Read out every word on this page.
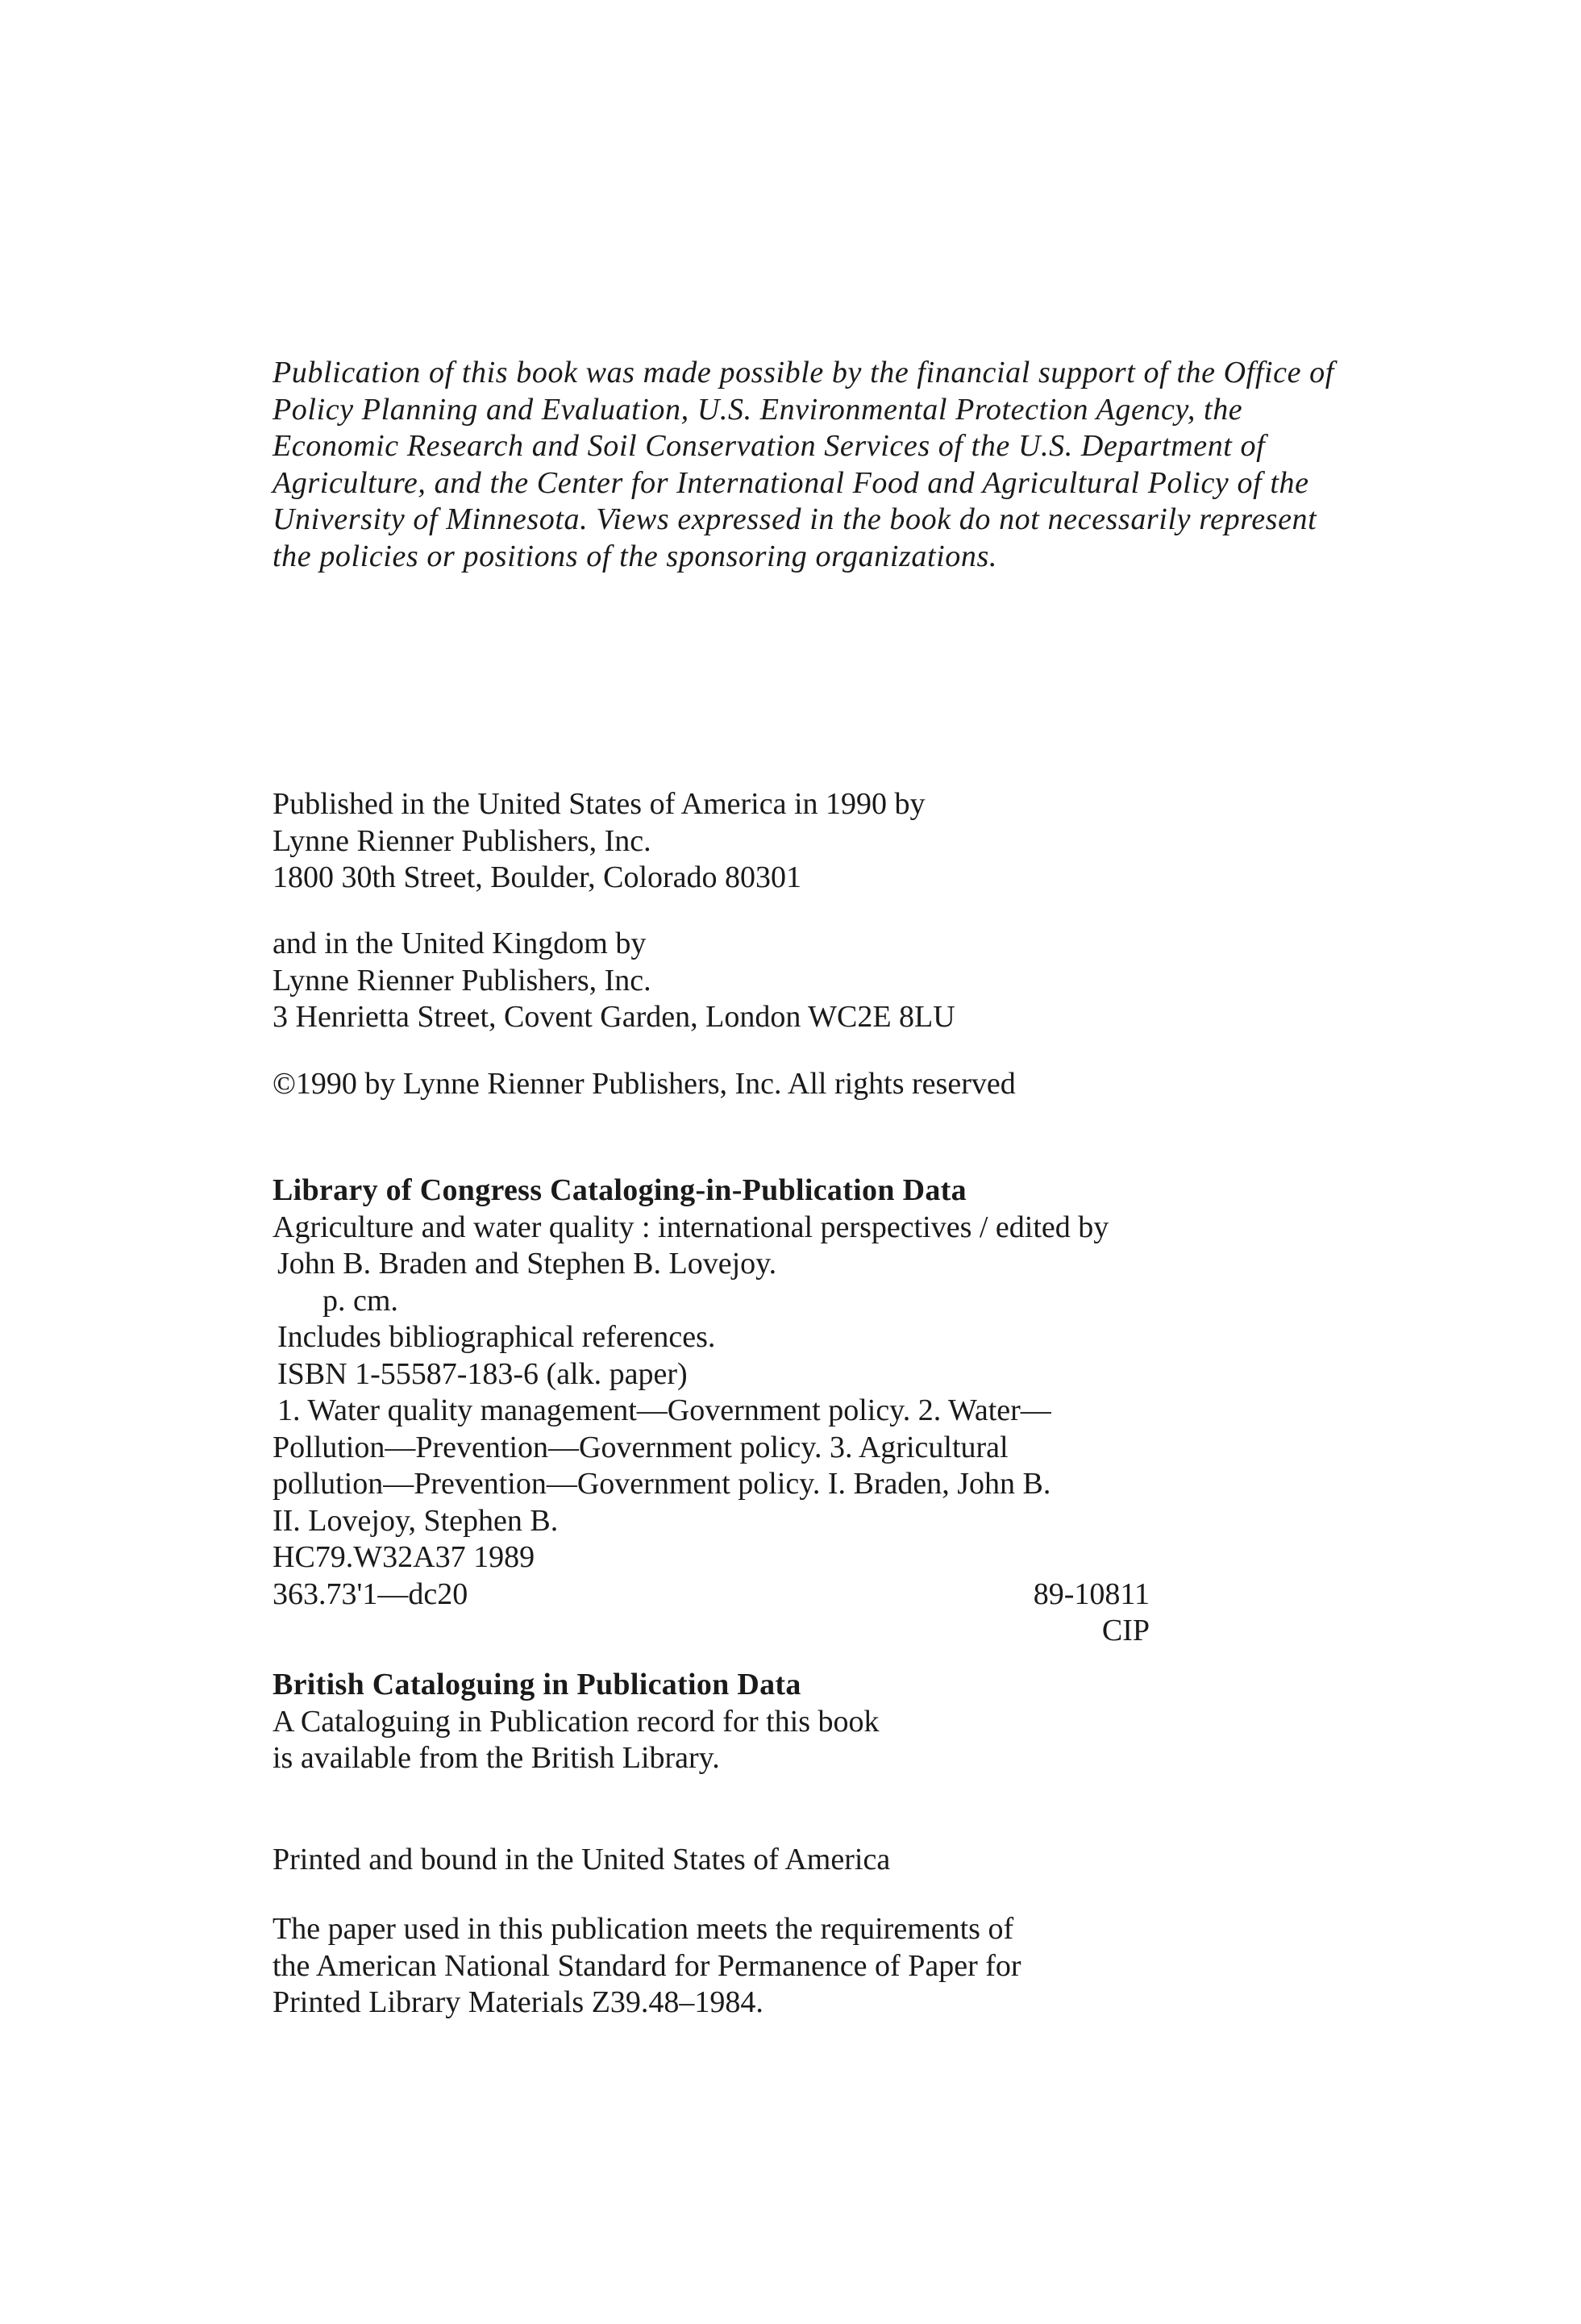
Publication of this book was made possible by the financial support of the Office of
Policy Planning and Evaluation, U.S. Environmental Protection Agency, the
Economic Research and Soil Conservation Services of the U.S. Department of
Agriculture, and the Center for International Food and Agricultural Policy of the
University of Minnesota. Views expressed in the book do not necessarily represent
the policies or positions of the sponsoring organizations.
Published in the United States of America in 1990 by
Lynne Rienner Publishers, Inc.
1800 30th Street, Boulder, Colorado 80301
and in the United Kingdom by
Lynne Rienner Publishers, Inc.
3 Henrietta Street, Covent Garden, London WC2E 8LU
©1990 by Lynne Rienner Publishers, Inc. All rights reserved
Library of Congress Cataloging-in-Publication Data
Agriculture and water quality : international perspectives / edited by
John B. Braden and Stephen B. Lovejoy.
p. cm.
Includes bibliographical references.
ISBN 1-55587-183-6 (alk. paper)
1. Water quality management—Government policy. 2. Water—
Pollution—Prevention—Government policy. 3. Agricultural
pollution—Prevention—Government policy. I. Braden, John B.
II. Lovejoy, Stephen B.
HC79.W32A37 1989
363.73'1—dc20	89-10811
CIP
British Cataloguing in Publication Data
A Cataloguing in Publication record for this book
is available from the British Library.
Printed and bound in the United States of America
The paper used in this publication meets the requirements of
the American National Standard for Permanence of Paper for
Printed Library Materials Z39.48–1984.
